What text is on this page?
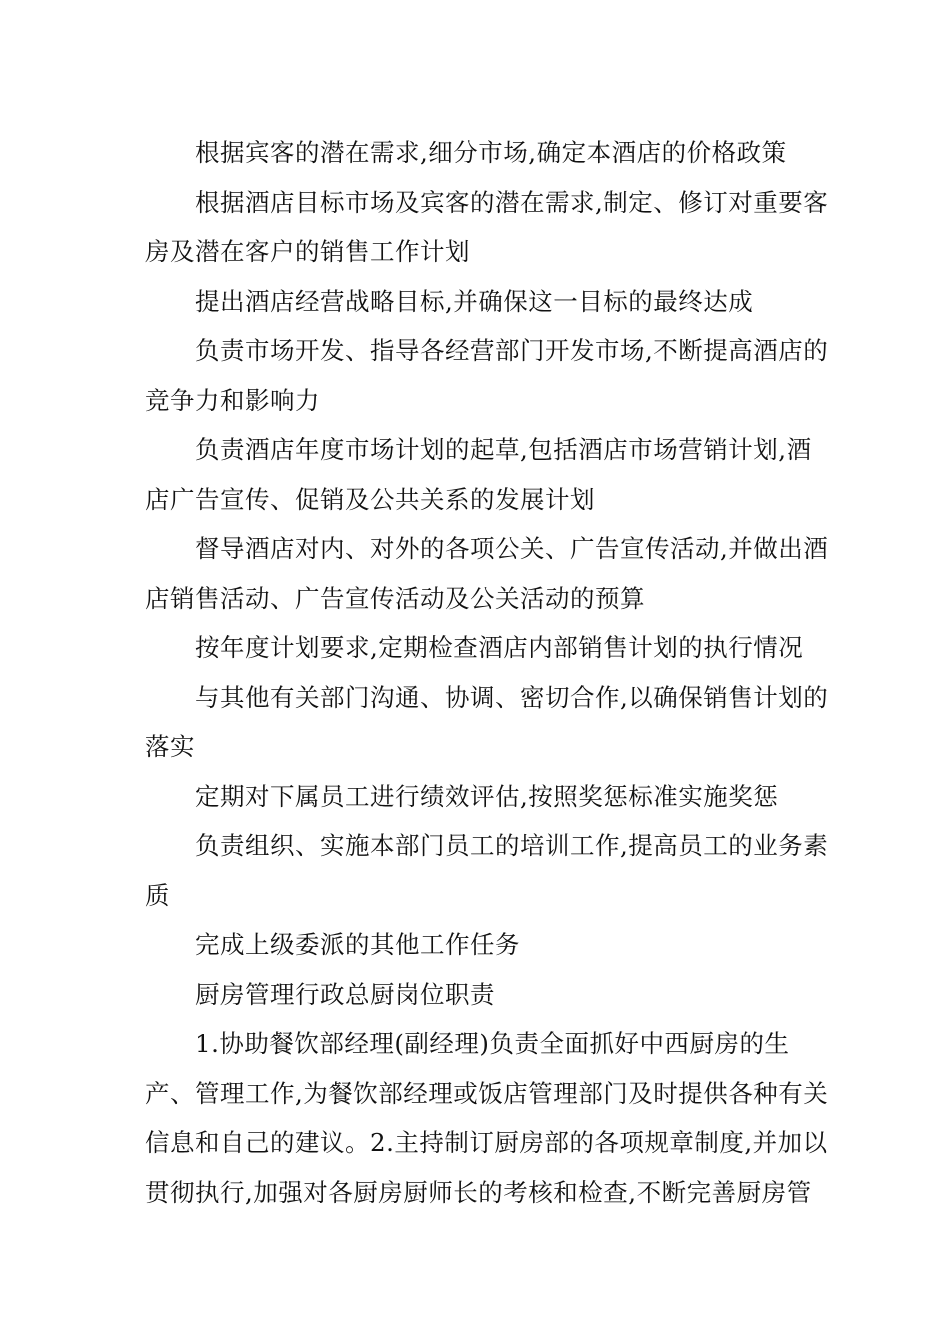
根据宾客的潜在需求,细分市场,确定本酒店的价格政策

根据酒店目标市场及宾客的潜在需求,制定、修订对重要客房及潜在客户的销售工作计划

提出酒店经营战略目标,并确保这一目标的最终达成

负责市场开发、指导各经营部门开发市场,不断提高酒店的竞争力和影响力

负责酒店年度市场计划的起草,包括酒店市场营销计划,酒店广告宣传、促销及公共关系的发展计划

督导酒店对内、对外的各项公关、广告宣传活动,并做出酒店销售活动、广告宣传活动及公关活动的预算

按年度计划要求,定期检查酒店内部销售计划的执行情况

与其他有关部门沟通、协调、密切合作,以确保销售计划的落实

定期对下属员工进行绩效评估,按照奖惩标准实施奖惩

负责组织、实施本部门员工的培训工作,提高员工的业务素质

完成上级委派的其他工作任务

厨房管理行政总厨岗位职责

1.协助餐饮部经理(副经理)负责全面抓好中西厨房的生产、管理工作,为餐饮部经理或饭店管理部门及时提供各种有关信息和自己的建议。2.主持制订厨房部的各项规章制度,并加以贯彻执行,加强对各厨房厨师长的考核和检查,不断完善厨房管
